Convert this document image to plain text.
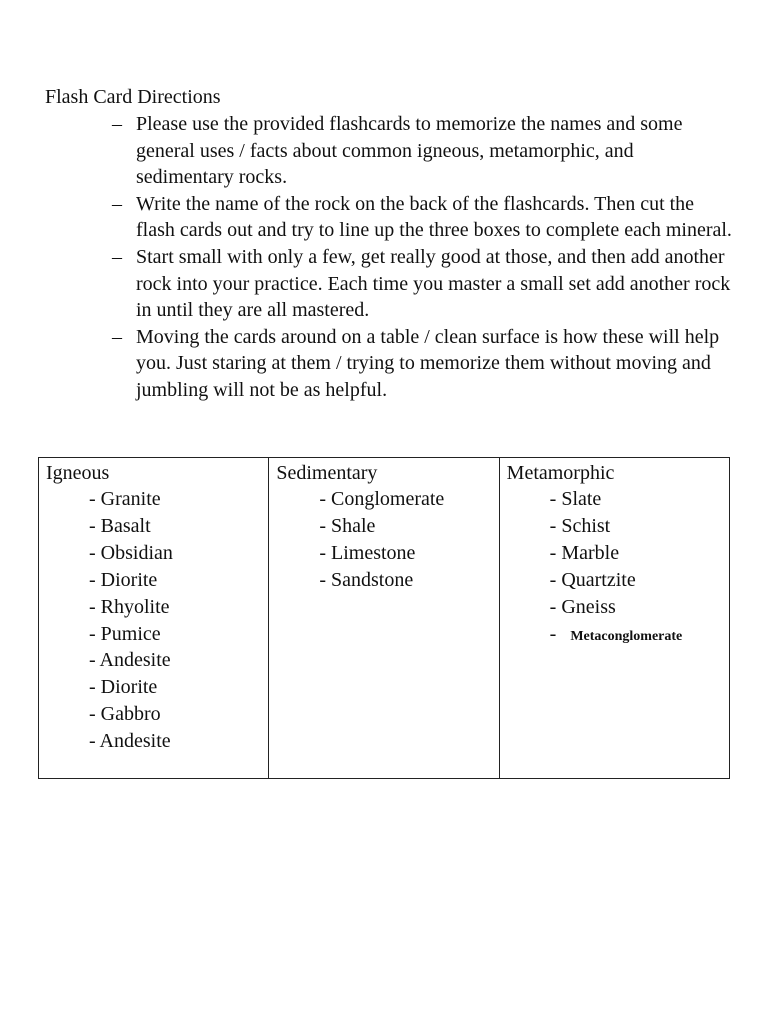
Flash Card Directions
– Please use the provided flashcards to memorize the names and some general uses / facts about common igneous, metamorphic, and sedimentary rocks.
– Write the name of the rock on the back of the flashcards. Then cut the flash cards out and try to line up the three boxes to complete each mineral.
– Start small with only a few, get really good at those, and then add another rock into your practice. Each time you master a small set add another rock in until they are all mastered.
– Moving the cards around on a table / clean surface is how these will help you. Just staring at them / trying to memorize them without moving and jumbling will not be as helpful.
Igneous
- Granite
- Basalt
- Obsidian
- Diorite
- Rhyolite
- Pumice
- Andesite
- Diorite
- Gabbro
- Andesite

Sedimentary
- Conglomerate
- Shale
- Limestone
- Sandstone

Metamorphic
- Slate
- Schist
- Marble
- Quartzite
- Gneiss
- Metaconglomerate
